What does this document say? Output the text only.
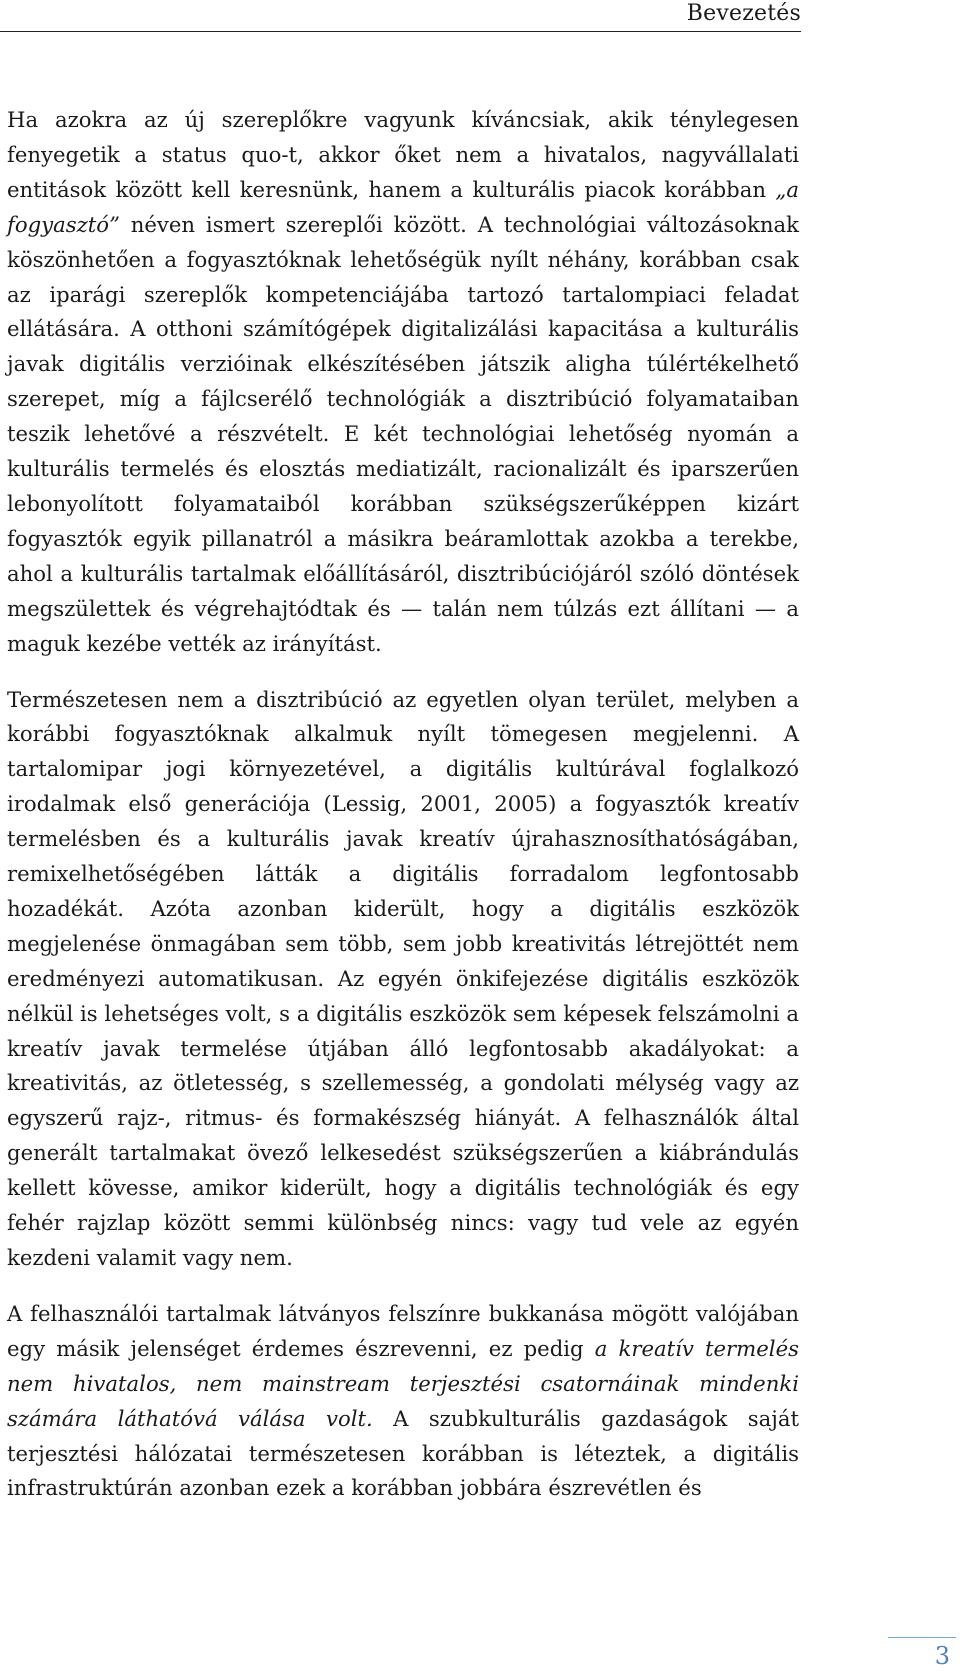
Bevezetés

Ha azokra az új szereplőkre vagyunk kíváncsiak, akik ténylegesen fenyegetik a status quo-t, akkor őket nem a hivatalos, nagyvállalati entitások között kell keresnünk, hanem a kulturális piacok korábban „a fogyasztó” néven ismert szereplői között. A technológiai változásoknak köszönhetően a fogyasztóknak lehetőségük nyílt néhány, korábban csak az iparági szereplők kompetenciájába tartozó tartalompiaci feladat ellátására. A otthoni számítógépek digitalizálási kapacitása a kulturális javak digitális verzióinak elkészítésében játszik aligha túlértékelhető szerepet, míg a fájlcserélő technológiák a disztribúció folyamataiban teszik lehetővé a részvételt. E két technológiai lehetőség nyomán a kulturális termelés és elosztás mediatizált, racionalizált és iparszerűen lebonyolított folyamataiból korábban szükségszerűképpen kizárt fogyasztók egyik pillanatról a másikra beáramlottak azokba a terekbe, ahol a kulturális tartalmak előállításáról, disztribúciójáról szóló döntések megszülettek és végrehajtódtak és — talán nem túlzás ezt állítani — a maguk kezébe vették az irányítást.

Természetesen nem a disztribúció az egyetlen olyan terület, melyben a korábbi fogyasztóknak alkalmuk nyílt tömegesen megjelenni. A tartalomipar jogi környezetével, a digitális kultúrával foglalkozó irodalmak első generációja (Lessig, 2001, 2005) a fogyasztók kreatív termelésben és a kulturális javak kreatív újrahasznosíthatóságában, remixelhetőségében látták a digitális forradalom legfontosabb hozadékát. Azóta azonban kiderült, hogy a digitális eszközök megjelenése önmagában sem több, sem jobb kreativitás létrejöttét nem eredményezi automatikusan. Az egyén önkifejezése digitális eszközök nélkül is lehetséges volt, s a digitális eszközök sem képesek felszámolni a kreatív javak termelése útjában álló legfontosabb akadályokat: a kreativitás, az ötletesség, s szellemesség, a gondolati mélység vagy az egyszerű rajz-, ritmus- és formakészség hiányát. A felhasználók által generált tartalmakat övező lelkesedést szükségszerűen a kiábrándulás kellett kövesse, amikor kiderült, hogy a digitális technológiák és egy fehér rajzlap között semmi különbség nincs: vagy tud vele az egyén kezdeni valamit vagy nem.

A felhasználói tartalmak látványos felszínre bukkanása mögött valójában egy másik jelenséget érdemes észrevenni, ez pedig a kreatív termelés nem hivatalos, nem mainstream terjesztési csatornáinak mindenki számára láthatóvá válása volt. A szubkulturális gazdaságok saját terjesztési hálózatai természetesen korábban is léteztek, a digitális infrastruktúrán azonban ezek a korábban jobbára észrevétlen és

3
